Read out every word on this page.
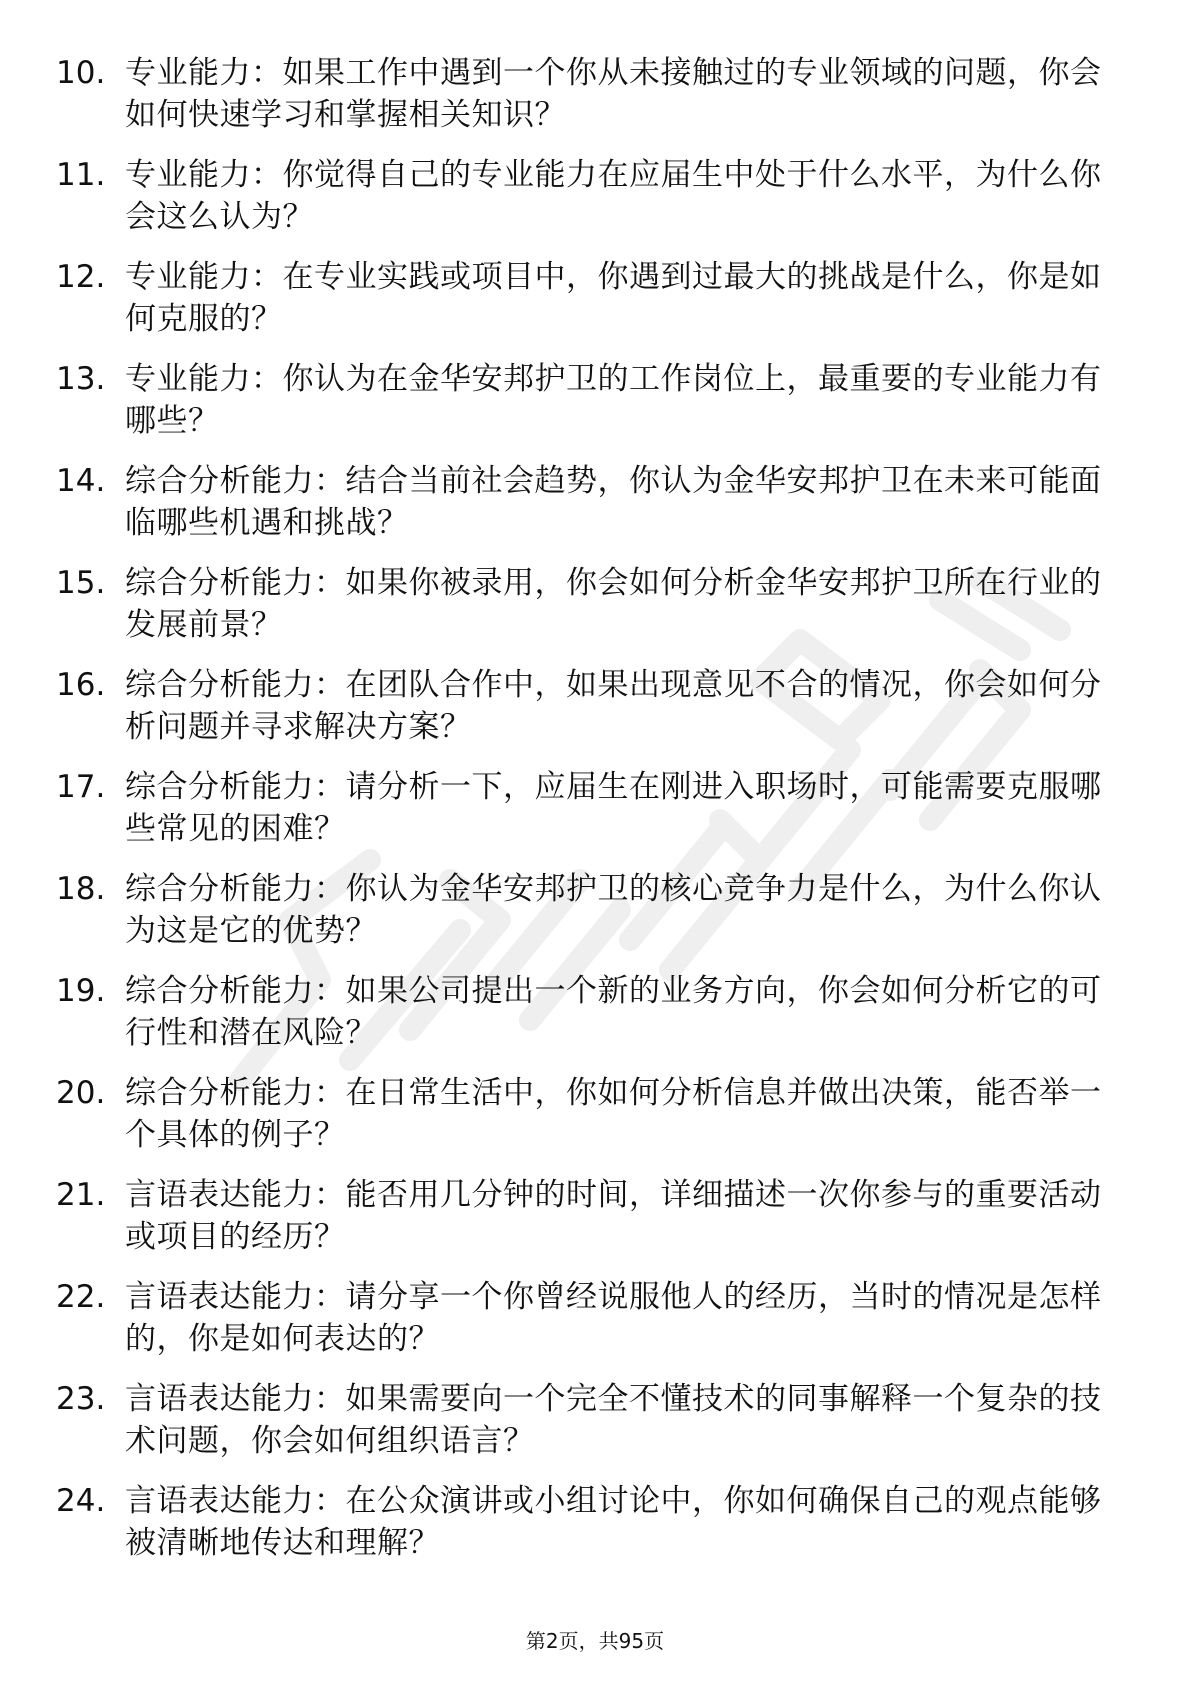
10. 专业能力：如果工作中遇到一个你从未接触过的专业领域的问题，你会如何快速学习和掌握相关知识？
11. 专业能力：你觉得自己的专业能力在应届生中处于什么水平，为什么你会这么认为？
12. 专业能力：在专业实践或项目中，你遇到过最大的挑战是什么，你是如何克服的？
13. 专业能力：你认为在金华安邦护卫的工作岗位上，最重要的专业能力有哪些？
14. 综合分析能力：结合当前社会趋势，你认为金华安邦护卫在未来可能面临哪些机遇和挑战？
15. 综合分析能力：如果你被录用，你会如何分析金华安邦护卫所在行业的发展前景？
16. 综合分析能力：在团队合作中，如果出现意见不合的情况，你会如何分析问题并寻求解决方案？
17. 综合分析能力：请分析一下，应届生在刚进入职场时，可能需要克服哪些常见的困难？
18. 综合分析能力：你认为金华安邦护卫的核心竞争力是什么，为什么你认为这是它的优势？
19. 综合分析能力：如果公司提出一个新的业务方向，你会如何分析它的可行性和潜在风险？
20. 综合分析能力：在日常生活中，你如何分析信息并做出决策，能否举一个具体的例子？
21. 言语表达能力：能否用几分钟的时间，详细描述一次你参与的重要活动或项目的经历？
22. 言语表达能力：请分享一个你曾经说服他人的经历，当时的情况是怎样的，你是如何表达的？
23. 言语表达能力：如果需要向一个完全不懂技术的同事解释一个复杂的技术问题，你会如何组织语言？
24. 言语表达能力：在公众演讲或小组讨论中，你如何确保自己的观点能够被清晰地传达和理解？
第2页，共95页
